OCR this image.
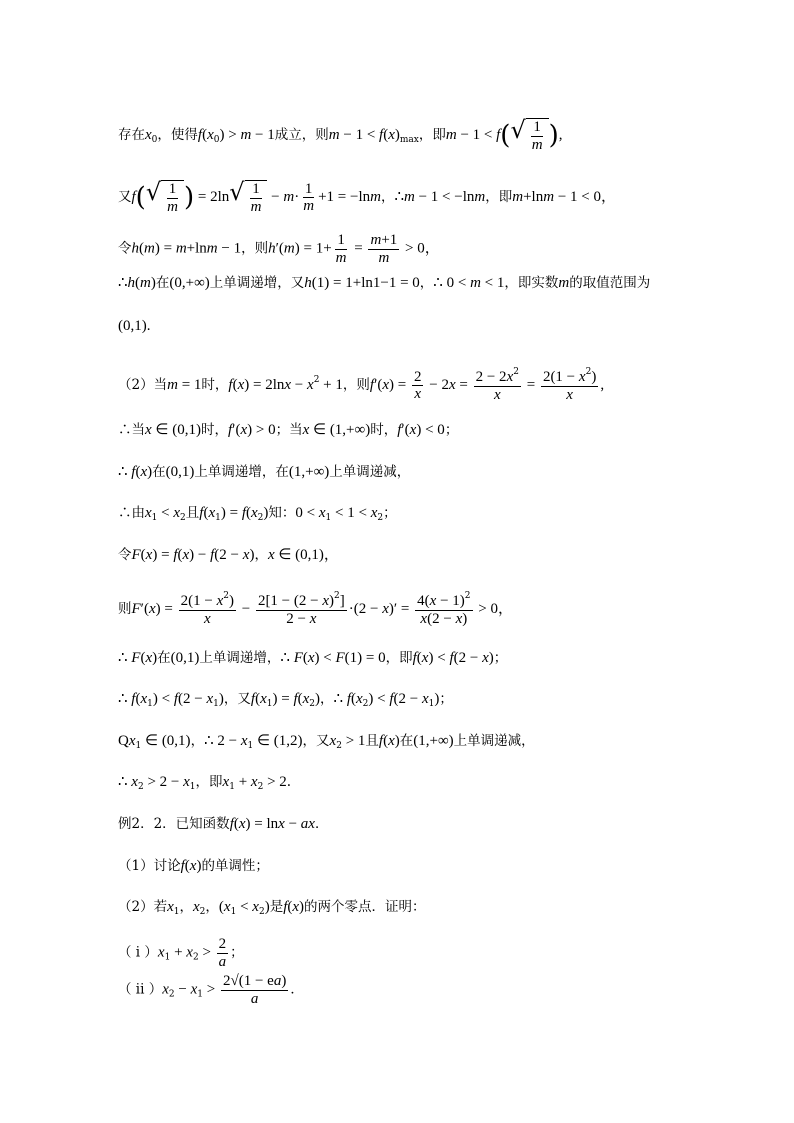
存在$x_0$，使得$f(x_0) > m - 1$成立，则$m - 1 < f(x)_{max}$，即m − 1 < f( √ $\frac{1}{m}$ ),
又f( √ $\frac{1}{m}$ ) = 2ln √ $\frac{1}{m} - m\cdot \frac{1}{m} +1 = -\ln m$，∴m − 1 < −lnm，即m+lnm − 1 < 0，
令h(m) = m+lnm − 1，则$h'(m) = 1+ \frac{1}{m} = \frac{m+1}{m} > 0$，
∴h(m)在(0,+∞)上单调递增，又h(1) = 1+ln1−1 = 0，∴ 0 < m < 1，即实数m的取值范围为
(0,1).
（2）当m = 1时，$f(x) = 2\ln x - x^2 + 1$，则$f'(x) = \frac{2}{x} - 2x = \frac{2 - 2x^2}{x} = \frac{2(1 - x^2)}{x}$ ,
∴当x ∈ (0,1)时，f′(x) > 0；当x ∈ (1,+∞)时，f′(x) < 0；
∴ f(x)在(0,1)上单调递增，在(1,+∞)上单调递减，
∴由$x_1 < x_2$且$f(x_1) = f(x_2)$知：$0 < x_1 < 1 < x_2$；
令F(x) = f(x) − f(2 − x)，x ∈ (0,1)，
则$F'(x) = \frac{2(1 - x^2)}{x} - \frac{2[1 - (2 - x)^2]}{2 - x} \cdot(2 - x)' = \frac{4(x - 1)^2}{x(2 - x)} > 0$，
∴ F(x)在(0,1)上单调递增，∴ F(x) < F(1) = 0，即f(x) < f(2 − x)；
∴ $f(x_1) < f(2 - x_1)$，又$f(x_1) = f(x_2)$，∴ $f(x_2) < f(2 - x_1)$；
$Qx_1$ ∈ (0,1)，∴ $2 - x_1$ ∈ (1,2)，又$x_2 > 1$且f(x)在(1,+∞)上单调递减，
∴ $x_2 > 2 - x_1$，即$x_1 + x_2 > 2$.
例2．2．已知函数f(x) = lnx − ax．
（1）讨论f(x)的单调性；
（2）若$x_1$，$x_2$，$(x_1 < x_2)$是f(x)的两个零点．证明：
（ i ）$x_1 + x_2 > \frac{2}{a}$ ；
（ ii ）$x_2 - x_1 > \frac{2√(1 - ea)}{a}$ ．
